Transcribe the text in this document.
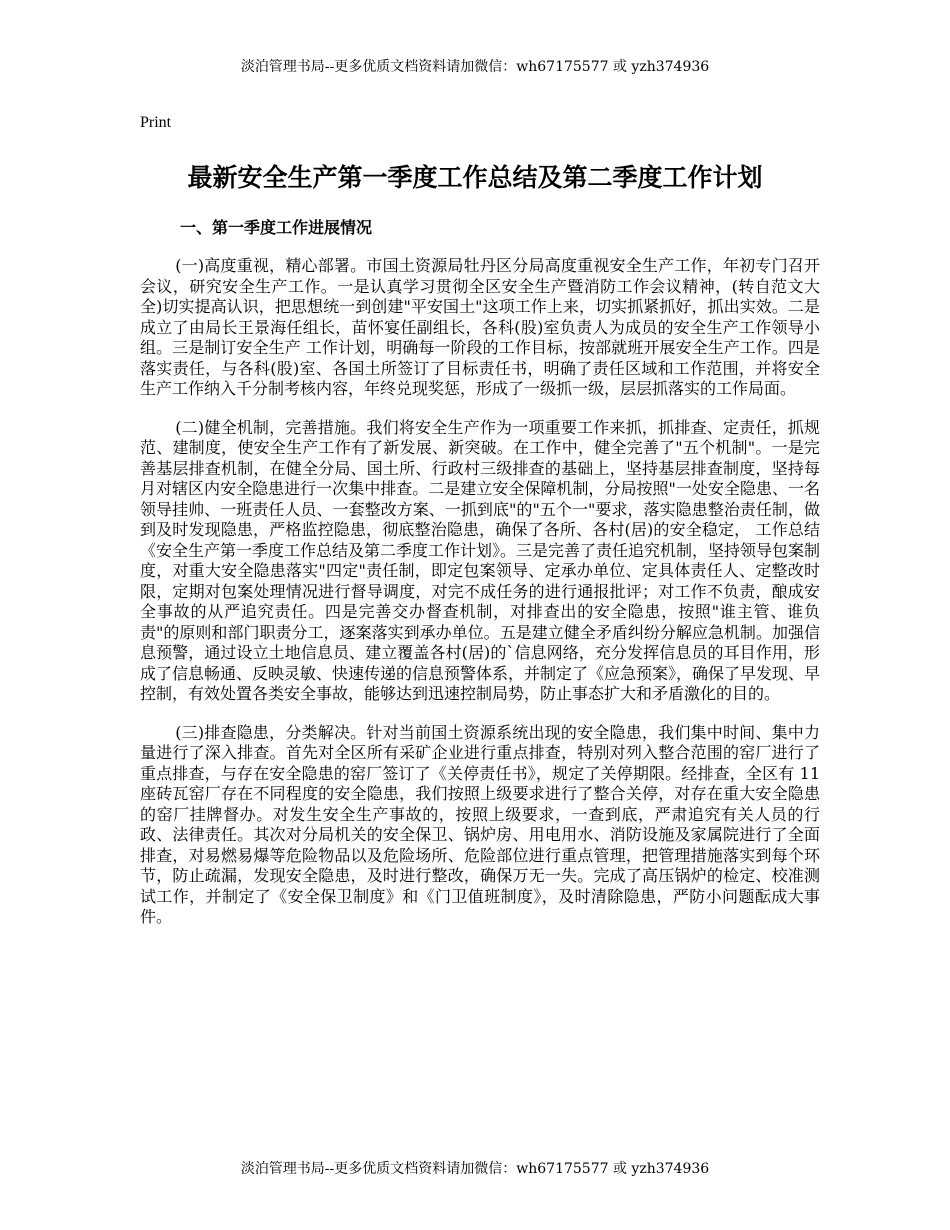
淡泊管理书局--更多优质文档资料请加微信：wh67175577 或 yzh374936
Print
最新安全生产第一季度工作总结及第二季度工作计划
一、第一季度工作进展情况

(一)高度重视，精心部署。市国土资源局牡丹区分局高度重视安全生产工作，年初专门召开会议，研究安全生产工作。一是认真学习贯彻全区安全生产暨消防工作会议精神，(转自范文大全)切实提高认识，把思想统一到创建"平安国土"这项工作上来，切实抓紧抓好，抓出实效。二是成立了由局长王景海任组长，苗怀宴任副组长，各科(股)室负责人为成员的安全生产工作领导小组。三是制订安全生产 工作计划，明确每一阶段的工作目标，按部就班开展安全生产工作。四是落实责任，与各科(股)室、各国土所签订了目标责任书，明确了责任区域和工作范围，并将安全生产工作纳入千分制考核内容，年终兑现奖惩，形成了一级抓一级，层层抓落实的工作局面。

(二)健全机制，完善措施。我们将安全生产作为一项重要工作来抓，抓排查、定责任，抓规范、建制度，使安全生产工作有了新发展、新突破。在工作中，健全完善了"五个机制"。一是完善基层排查机制，在健全分局、国土所、行政村三级排查的基础上，坚持基层排查制度，坚持每月对辖区内安全隐患进行一次集中排查。二是建立安全保障机制，分局按照"一处安全隐患、一名领导挂帅、一班责任人员、一套整改方案、一抓到底"的"五个一"要求，落实隐患整治责任制，做到及时发现隐患，严格监控隐患，彻底整治隐患，确保了各所、各村(居)的安全稳定， 工作总结 《安全生产第一季度工作总结及第二季度工作计划》。三是完善了责任追究机制，坚持领导包案制度，对重大安全隐患落实"四定"责任制，即定包案领导、定承办单位、定具体责任人、定整改时限，定期对包案处理情况进行督导调度，对完不成任务的进行通报批评；对工作不负责，酿成安全事故的从严追究责任。四是完善交办督查机制，对排查出的安全隐患，按照"谁主管、谁负责"的原则和部门职责分工，逐案落实到承办单位。五是建立健全矛盾纠纷分解应急机制。加强信息预警，通过设立土地信息员、建立覆盖各村(居)的`信息网络，充分发挥信息员的耳目作用，形成了信息畅通、反映灵敏、快速传递的信息预警体系，并制定了《应急预案》，确保了早发现、早控制，有效处置各类安全事故，能够达到迅速控制局势，防止事态扩大和矛盾激化的目的。

(三)排查隐患，分类解决。针对当前国土资源系统出现的安全隐患，我们集中时间、集中力量进行了深入排查。首先对全区所有采矿企业进行重点排查，特别对列入整合范围的窑厂进行了重点排查，与存在安全隐患的窑厂签订了《关停责任书》，规定了关停期限。经排查，全区有 11 座砖瓦窑厂存在不同程度的安全隐患，我们按照上级要求进行了整合关停，对存在重大安全隐患的窑厂挂牌督办。对发生安全生产事故的，按照上级要求，一查到底，严肃追究有关人员的行政、法律责任。其次对分局机关的安全保卫、锅炉房、用电用水、消防设施及家属院进行了全面排查，对易燃易爆等危险物品以及危险场所、危险部位进行重点管理，把管理措施落实到每个环节，防止疏漏，发现安全隐患，及时进行整改，确保万无一失。完成了高压锅炉的检定、校准测试工作，并制定了《安全保卫制度》和《门卫值班制度》，及时清除隐患，严防小问题酝成大事件。

淡泊管理书局--更多优质文档资料请加微信：wh67175577 或 yzh374936
